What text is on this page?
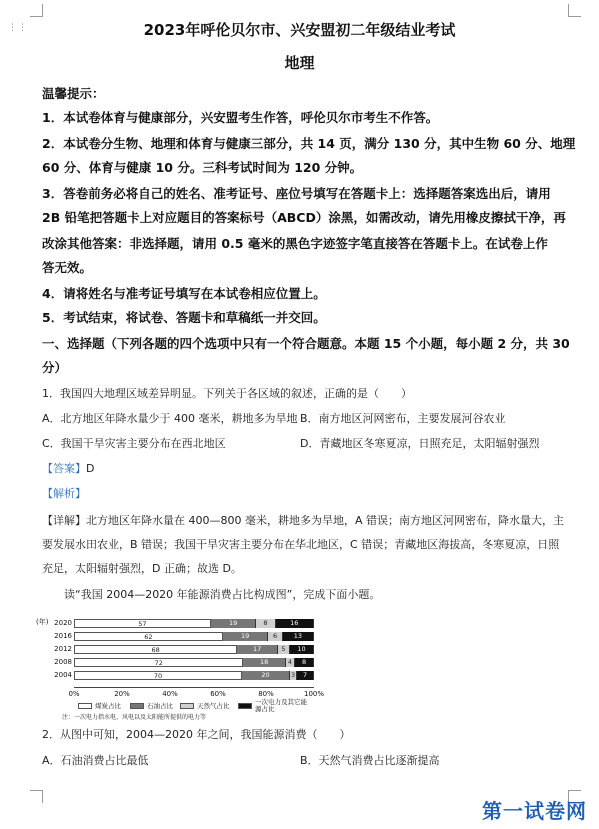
⋮⋮	2023年呼伦贝尔市、兴安盟初二年级结业考试
地理
温馨提示：
1．本试卷体育与健康部分，兴安盟考生作答，呼伦贝尔市考生不作答。
2．本试卷分生物、地理和体育与健康三部分，共 14 页，满分 130 分，其中生物 60 分、地理
60 分、体育与健康 10 分。三科考试时间为 120 分钟。
3．答卷前务必将自己的姓名、准考证号、座位号填写在答题卡上：选择题答案选出后，请用
2B 铅笔把答题卡上对应题目的答案标号（ABCD）涂黑，如需改动，请先用橡皮擦拭干净，再
改涂其他答案：非选择题，请用 0.5 毫米的黑色字迹签字笔直接答在答题卡上。在试卷上作
答无效。
4．请将姓名与准考证号填写在本试卷相应位置上。
5．考试结束，将试卷、答题卡和草稿纸一并交回。
一、选择题（下列各题的四个选项中只有一个符合题意。本题 15 个小题，每小题 2 分，共 30
分）
1．我国四大地理区域差异明显。下列关于各区域的叙述，正确的是（　　）
A．北方地区年降水量少于 400 毫米，耕地多为旱地 B．南方地区河网密布，主要发展河谷农业
C．我国干旱灾害主要分布在西北地区	D．青藏地区冬寒夏凉，日照充足，太阳辐射强烈
【答案】D
【解析】
【详解】北方地区年降水量在 400—800 毫米，耕地多为旱地，A 错误；南方地区河网密布，降水量大，主
要发展水田农业，B 错误；我国干旱灾害主要分布在华北地区，C 错误；青藏地区海拔高，冬寒夏凉，日照
充足，太阳辐射强烈，D 正确；故选 D。
读“我国 2004—2020 年能源消费占比构成图”，完成下面小题。
(年)
煤炭占比	石油占比	天然气占比	一次电力及其它能源占比
注：一次电力指水电、风电以及太阳能所提供的电力等
2020	57	19	8	16
2016	62	19	6	13
2012	68	17	5	10
2008	72	18	4	8
2004	70	20	3	7
0%	20%	40%	60%	80%	100%
2．从图中可知，2004—2020 年之间，我国能源消费（　　）
A．石油消费占比最低	B．天然气消费占比逐渐提高
第一试卷网
